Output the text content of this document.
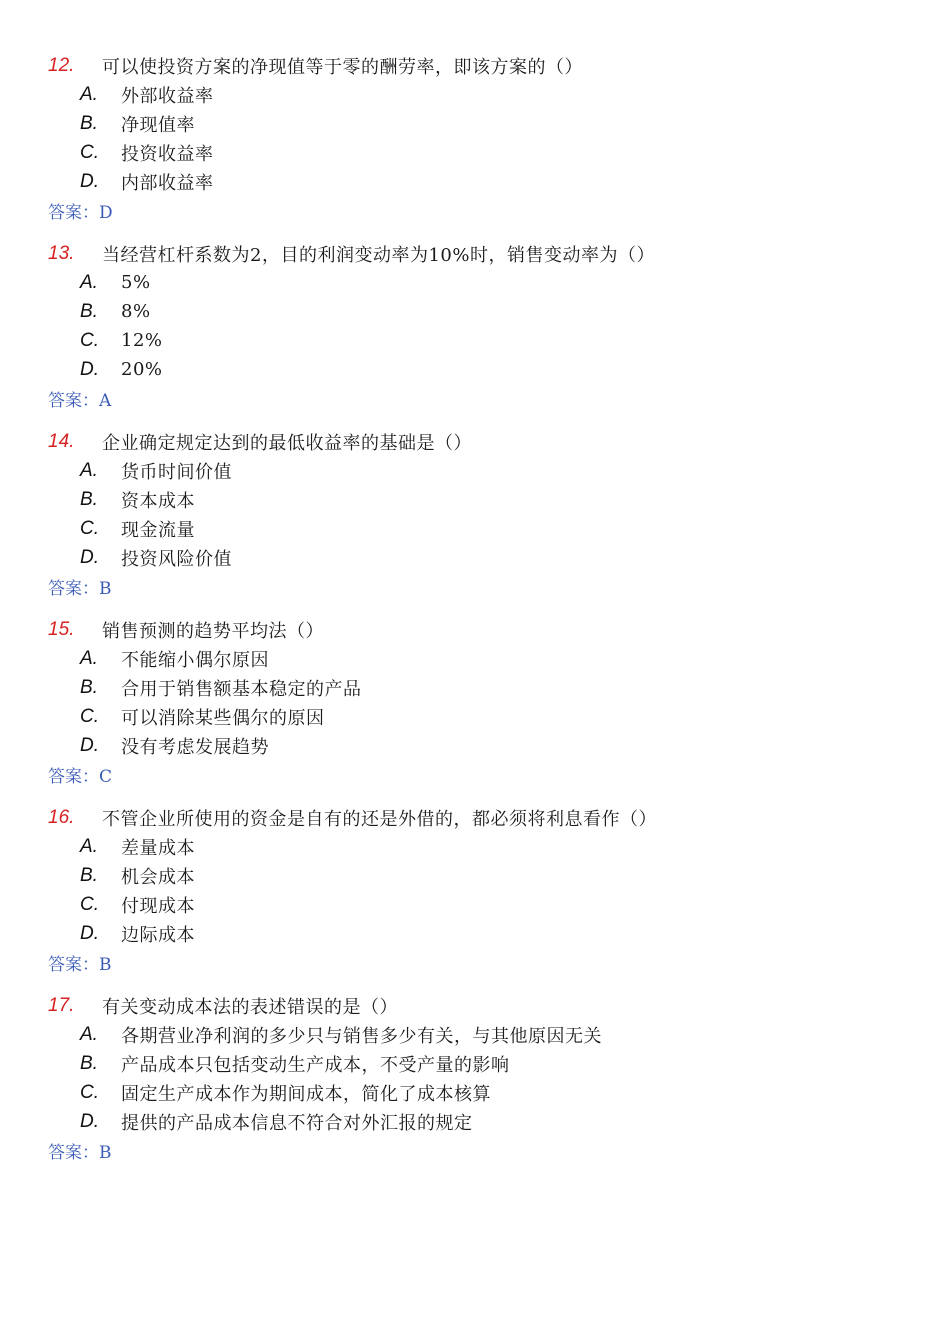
12.	可以使投资方案的净现值等于零的酬劳率，即该方案的（）
A.	外部收益率
B.	净现值率
C.	投资收益率
D.	内部收益率
答案：D
13.	当经营杠杆系数为2，目的利润变动率为10%时，销售变动率为（）
A.	5%
B.	8%
C.	12%
D.	20%
答案：A
14.	企业确定规定达到的最低收益率的基础是（）
A.	货币时间价值
B.	资本成本
C.	现金流量
D.	投资风险价值
答案：B
15.	销售预测的趋势平均法（）
A.	不能缩小偶尔原因
B.	合用于销售额基本稳定的产品
C.	可以消除某些偶尔的原因
D.	没有考虑发展趋势
答案：C
16.	不管企业所使用的资金是自有的还是外借的，都必须将利息看作（）
A.	差量成本
B.	机会成本
C.	付现成本
D.	边际成本
答案：B
17.	有关变动成本法的表述错误的是（）
A.	各期营业净利润的多少只与销售多少有关，与其他原因无关
B.	产品成本只包括变动生产成本，不受产量的影响
C.	固定生产成本作为期间成本，简化了成本核算
D.	提供的产品成本信息不符合对外汇报的规定
答案：B
